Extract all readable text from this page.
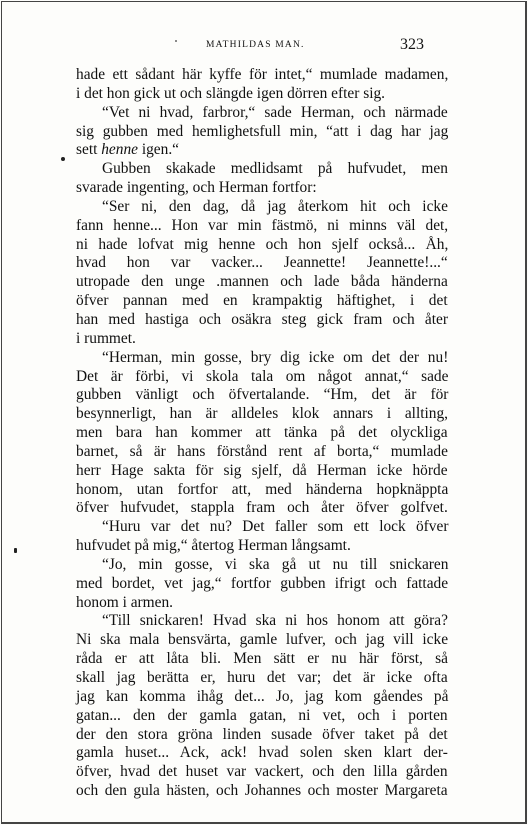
MATHILDAS MAN.	323
hade ett sådant här kyffe för intet,“ mumlade madamen,
i det hon gick ut och slängde igen dörren efter sig.
“Vet ni hvad, farbror,“ sade Herman, och närmade
sig gubben med hemlighetsfull min, “att i dag har jag
sett henne igen.“
Gubben skakade medlidsamt på hufvudet, men
svarade ingenting, och Herman fortfor:
“Ser ni, den dag, då jag återkom hit och icke
fann henne... Hon var min fästmö, ni minns väl det,
ni hade lofvat mig henne och hon sjelf också... Åh,
hvad hon var vacker... Jeannette! Jeannette!...“
utropade den unge .mannen och lade båda händerna
öfver pannan med en krampaktig häftighet, i det
han med hastiga och osäkra steg gick fram och åter
i rummet.
“Herman, min gosse, bry dig icke om det der nu!
Det är förbi, vi skola tala om något annat,“ sade
gubben vänligt och öfvertalande. “Hm, det är för
besynnerligt, han är alldeles klok annars i allting,
men bara han kommer att tänka på det olyckliga
barnet, så är hans förstånd rent af borta,“ mumlade
herr Hage sakta för sig sjelf, då Herman icke hörde
honom, utan fortfor att, med händerna hopknäppta
öfver hufvudet, stappla fram och åter öfver golfvet.
“Huru var det nu? Det faller som ett lock öfver
hufvudet på mig,“ återtog Herman långsamt.
“Jo, min gosse, vi ska gå ut nu till snickaren
med bordet, vet jag,“ fortfor gubben ifrigt och fattade
honom i armen.
“Till snickaren! Hvad ska ni hos honom att göra?
Ni ska mala bensvärta, gamle lufver, och jag vill icke
råda er att låta bli. Men sätt er nu här först, så
skall jag berätta er, huru det var; det är icke ofta
jag kan komma ihåg det... Jo, jag kom gåendes på
gatan... den der gamla gatan, ni vet, och i porten
der den stora gröna linden susade öfver taket på det
gamla huset... Ack, ack! hvad solen sken klart der-
öfver, hvad det huset var vackert, och den lilla gården
och den gula hästen, och Johannes och moster Margareta
